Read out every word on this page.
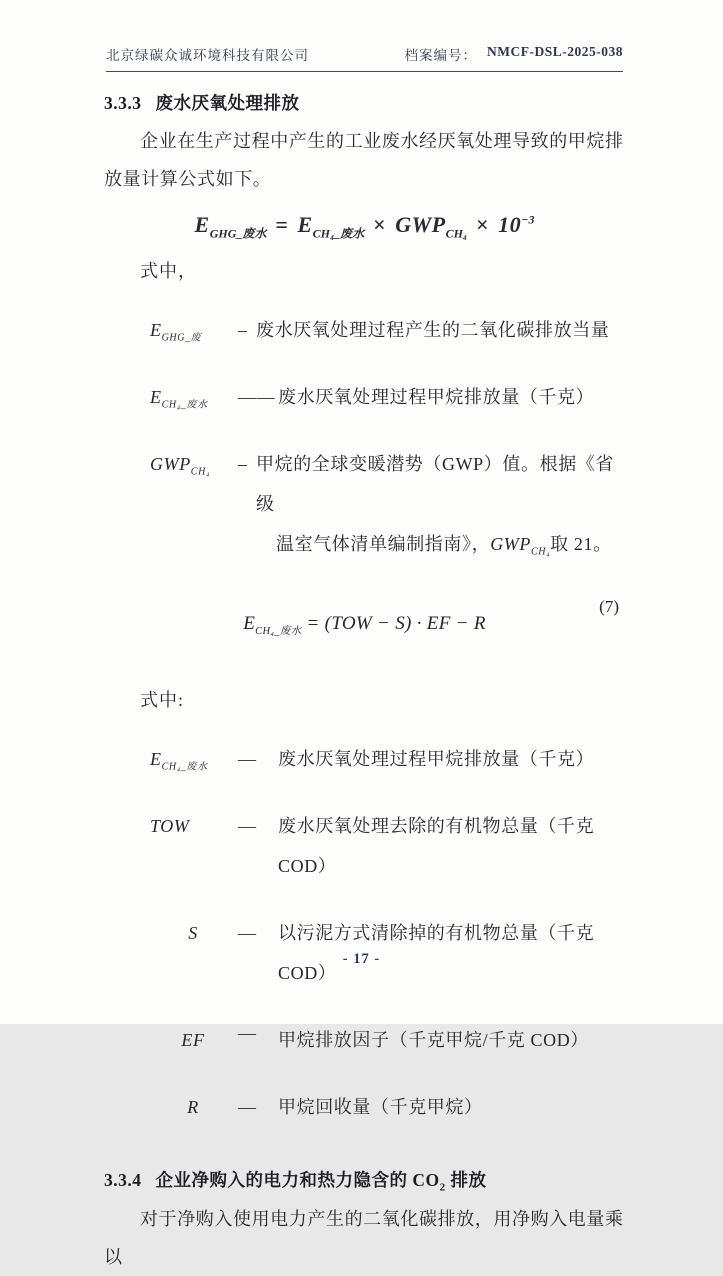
北京绿碳众诚环境科技有限公司	档案编号： NMCF-DSL-2025-038
3.3.3 废水厌氧处理排放

企业在生产过程中产生的工业废水经厌氧处理导致的甲烷排放量计算公式如下。

$E_{GHG\_废水} = E_{CH_4\_废水} \times GWP_{CH_4} \times 10^{-3}$
式中，
$E_{GHG\_废}$	– 废水厌氧处理过程产生的二氧化碳排放当量
$E_{CH_4\_废水}$	—— 废水厌氧处理过程甲烷排放量（千克）
$GWP_{CH_4}$	– 甲烷的全球变暖潜势（GWP）值。根据《省级
温室气体清单编制指南》，$GWP_{CH_4}$取 21。
(7)
$E_{CH_4\_废水} = (TOW - S)$ · EF − R
式中:
$E_{CH_4\_废水}$	—	废水厌氧处理过程甲烷排放量（千克）
TOW	—	废水厌氧处理去除的有机物总量（千克 COD）
S	—	以污泥方式清除掉的有机物总量（千克 COD）
EF	—	甲烷排放因子（千克甲烷/千克 COD）
R	—	甲烷回收量（千克甲烷）
3.3.4 企业净购入的电力和热力隐含的 $CO_2$ 排放

对于净购入使用电力产生的二氧化碳排放，用净购入电量乘以

- 17 -
